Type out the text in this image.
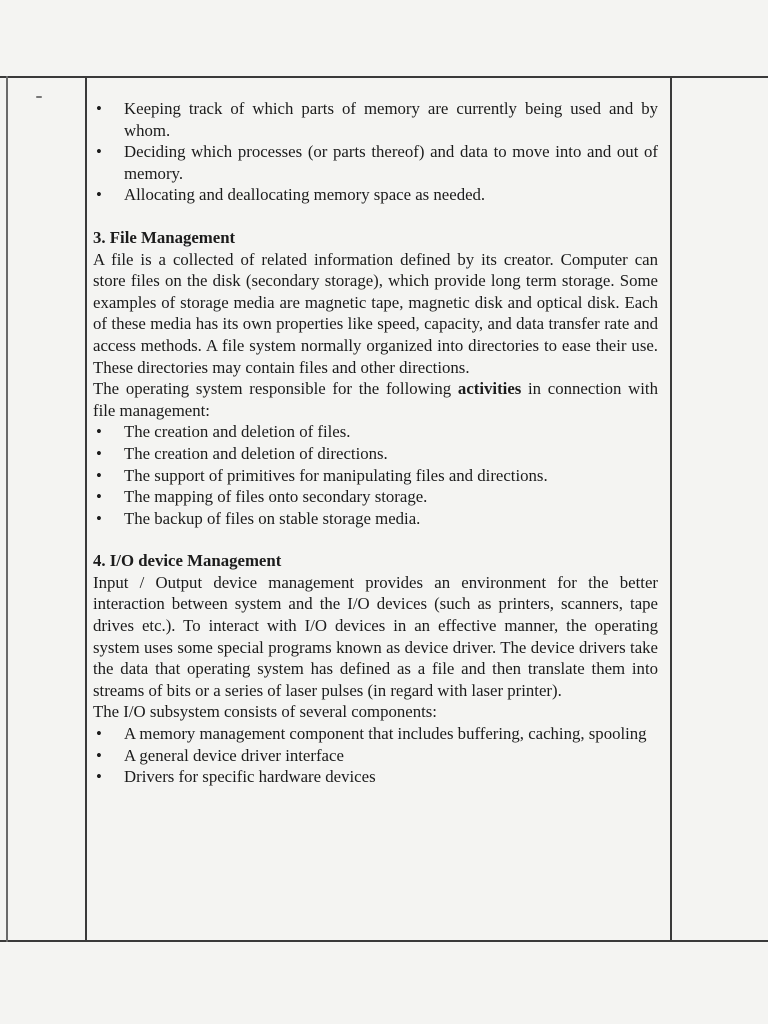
• Keeping track of which parts of memory are currently being used and by whom.
• Deciding which processes (or parts thereof) and data to move into and out of memory.
• Allocating and deallocating memory space as needed.

3. File Management

A file is a collected of related information defined by its creator. Computer can store files on the disk (secondary storage), which provide long term storage. Some examples of storage media are magnetic tape, magnetic disk and optical disk. Each of these media has its own properties like speed, capacity, and data transfer rate and access methods. A file system normally organized into directories to ease their use. These directories may contain files and other directions.

The operating system responsible for the following activities in connection with file management:

• The creation and deletion of files.
• The creation and deletion of directions.
• The support of primitives for manipulating files and directions.
• The mapping of files onto secondary storage.
• The backup of files on stable storage media.

4. I/O device Management

Input / Output device management provides an environment for the better interaction between system and the I/O devices (such as printers, scanners, tape drives etc.). To interact with I/O devices in an effective manner, the operating system uses some special programs known as device driver. The device drivers take the data that operating system has defined as a file and then translate them into streams of bits or a series of laser pulses (in regard with laser printer).

The I/O subsystem consists of several components:

• A memory management component that includes buffering, caching, spooling
• A general device driver interface
• Drivers for specific hardware devices
